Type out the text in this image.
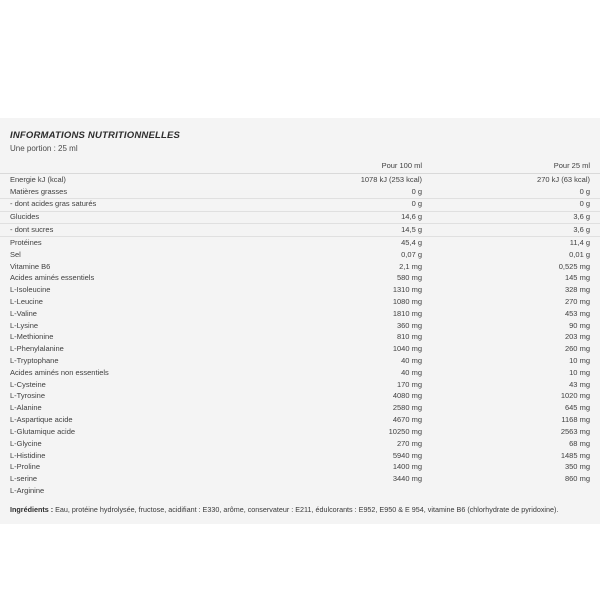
INFORMATIONS NUTRITIONNELLES
Une portion : 25 ml
	Pour 100 ml	Pour 25 ml
Energie kJ (kcal)	1078 kJ (253 kcal)	270 kJ (63 kcal)
Matières grasses	0 g	0 g
- dont acides gras saturés	0 g	0 g
Glucides	14,6 g	3,6 g
- dont sucres	14,5 g	3,6 g
Protéines	45,4 g	11,4 g
Sel	0,07 g	0,01 g
Vitamine B6	2,1 mg	0,525 mg
Acides aminés essentiels	580 mg	145 mg
L-Isoleucine	1310 mg	328 mg
L-Leucine	1080 mg	270 mg
L-Valine	1810 mg	453 mg
L-Lysine	360 mg	90 mg
L-Methionine	810 mg	203 mg
L-Phenylalanine	1040 mg	260 mg
L-Tryptophane	40 mg	10 mg
Acides aminés non essentiels	40 mg	10 mg
L-Cysteine	170 mg	43 mg
L-Tyrosine	4080 mg	1020 mg
L-Alanine	2580 mg	645 mg
L-Aspartique acide	4670 mg	1168 mg
L-Glutamique acide	10250 mg	2563 mg
L-Glycine	270 mg	68 mg
L-Histidine	5940 mg	1485 mg
L-Proline	1400 mg	350 mg
L-serine	3440 mg	860 mg
L-Arginine		
Ingrédients : Eau, protéine hydrolysée, fructose, acidifiant : E330, arôme, conservateur : E211, édulcorants : E952, E950 & E 954, vitamine B6 (chlorhydrate de pyridoxine).
